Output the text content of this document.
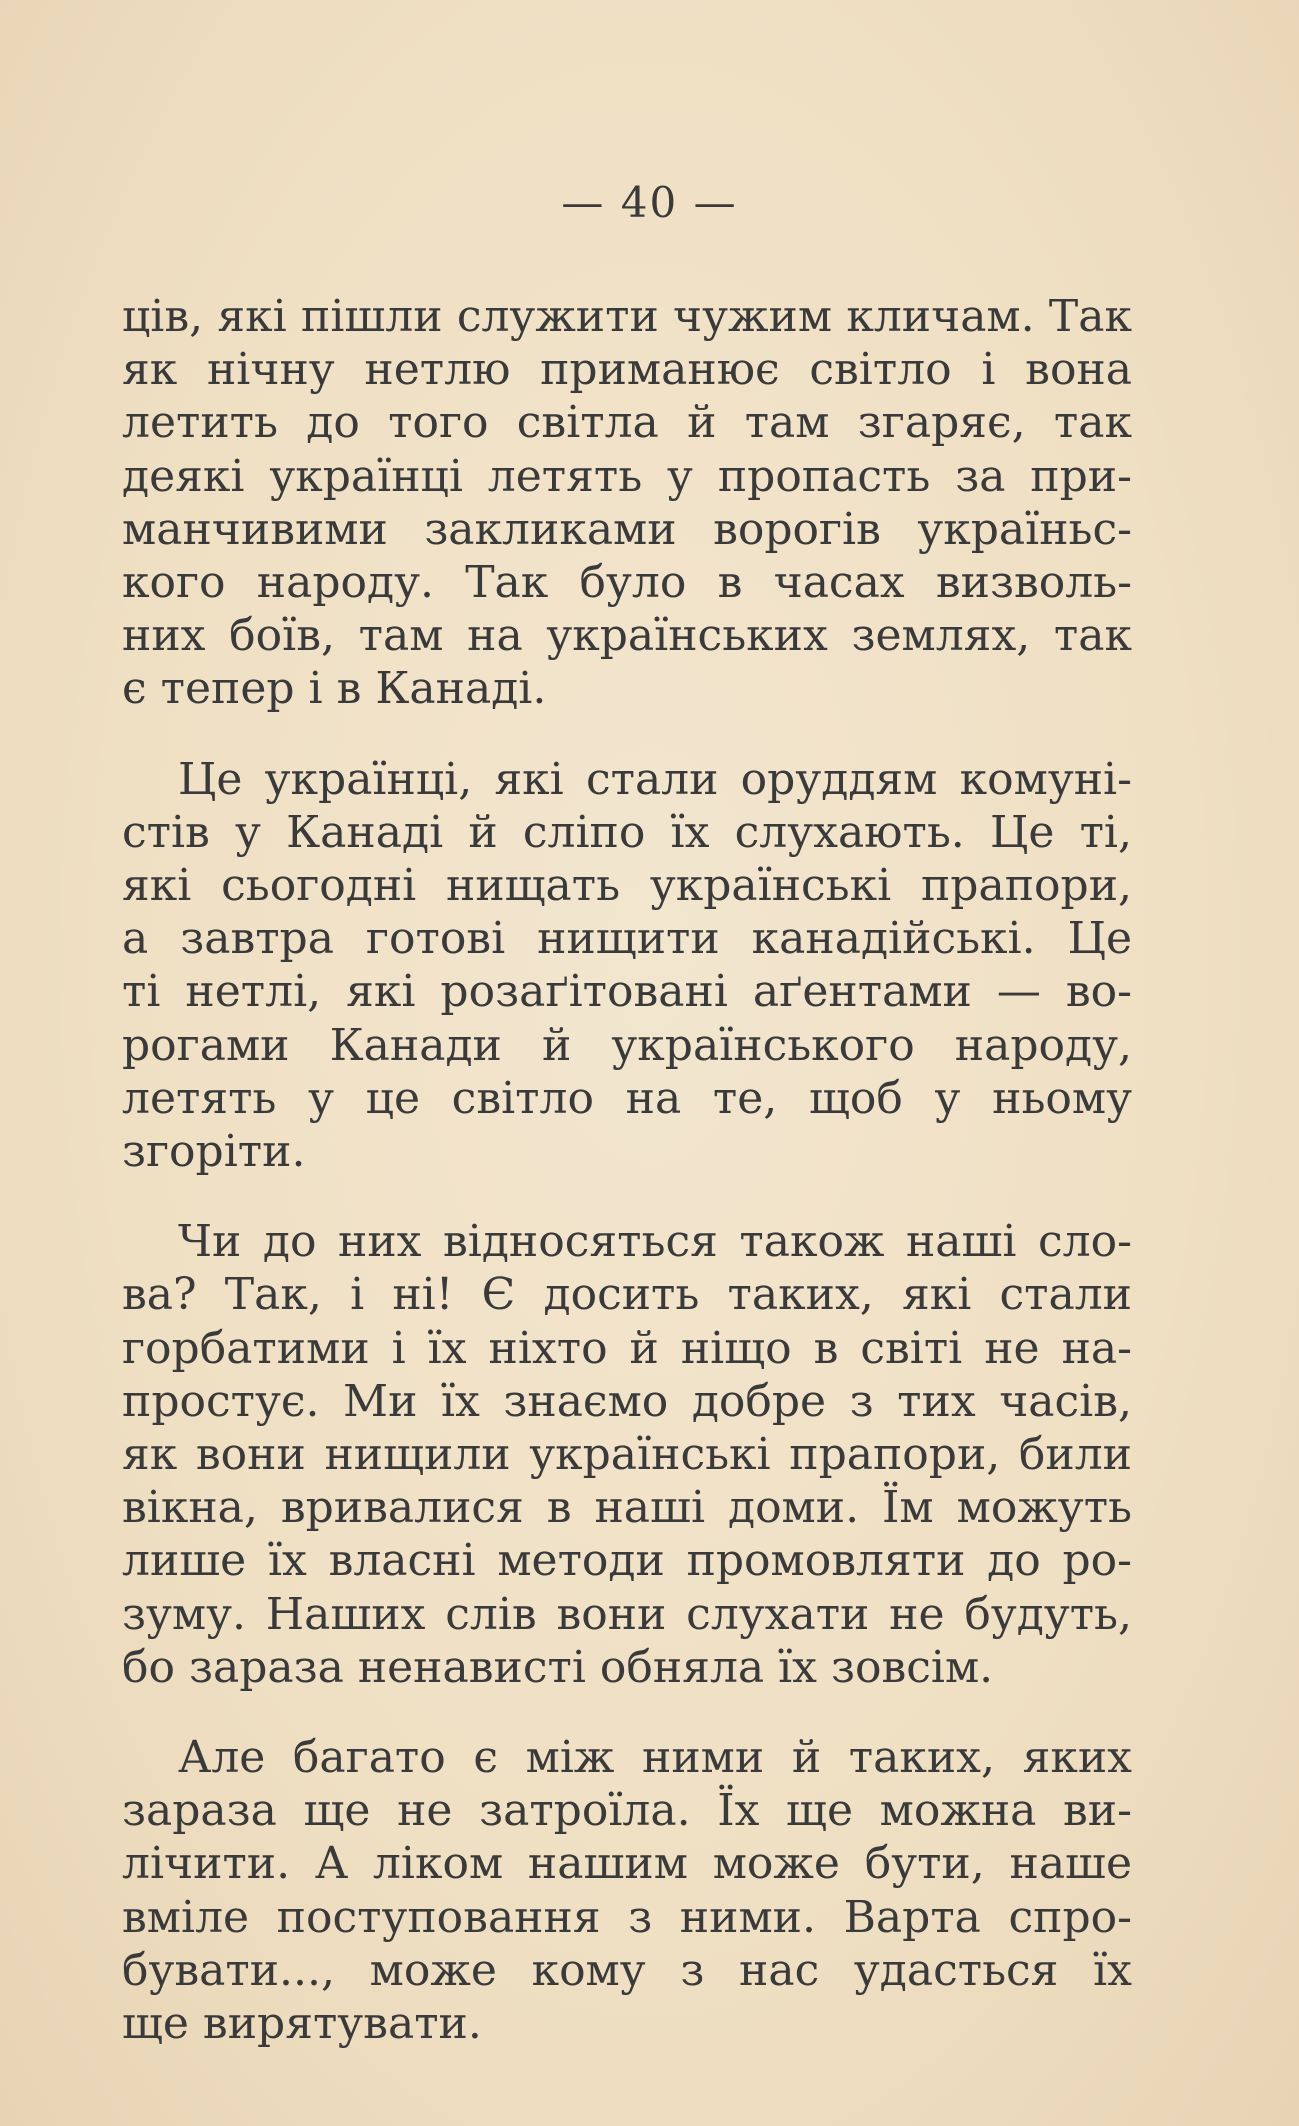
— 40 —

ців, які пішли служити чужим кличам. Так
як нічну нетлю приманює світло і вона
летить до того світла й там згаряє, так
деякі українці летять у пропасть за при-
манчивими закликами ворогів україньс-
кого народу. Так було в часах визволь-
них боїв, там на українських землях, так
є тепер і в Канаді.

Це українці, які стали оруддям комуні-
стів у Канаді й сліпо їх слухають. Це ті,
які сьогодні нищать українські прапори,
а завтра готові нищити канадійські. Це
ті нетлі, які розаґітовані аґентами — во-
рогами Канади й українського народу,
летять у це світло на те, щоб у ньому
згоріти.

Чи до них відносяться також наші сло-
ва? Так, і ні! Є досить таких, які стали
горбатими і їх ніхто й ніщо в світі не на-
простує. Ми їх знаємо добре з тих часів,
як вони нищили українські прапори, били
вікна, вривалися в наші доми. Їм можуть
лише їх власні методи промовляти до ро-
зуму. Наших слів вони слухати не будуть,
бо зараза ненависті обняла їх зовсім.

Але багато є між ними й таких, яких
зараза ще не затроїла. Їх ще можна ви-
лічити. А ліком нашим може бути, наше
вміле поступовання з ними. Варта спро-
бувати..., може кому з нас удасться їх
ще вирятувати.
